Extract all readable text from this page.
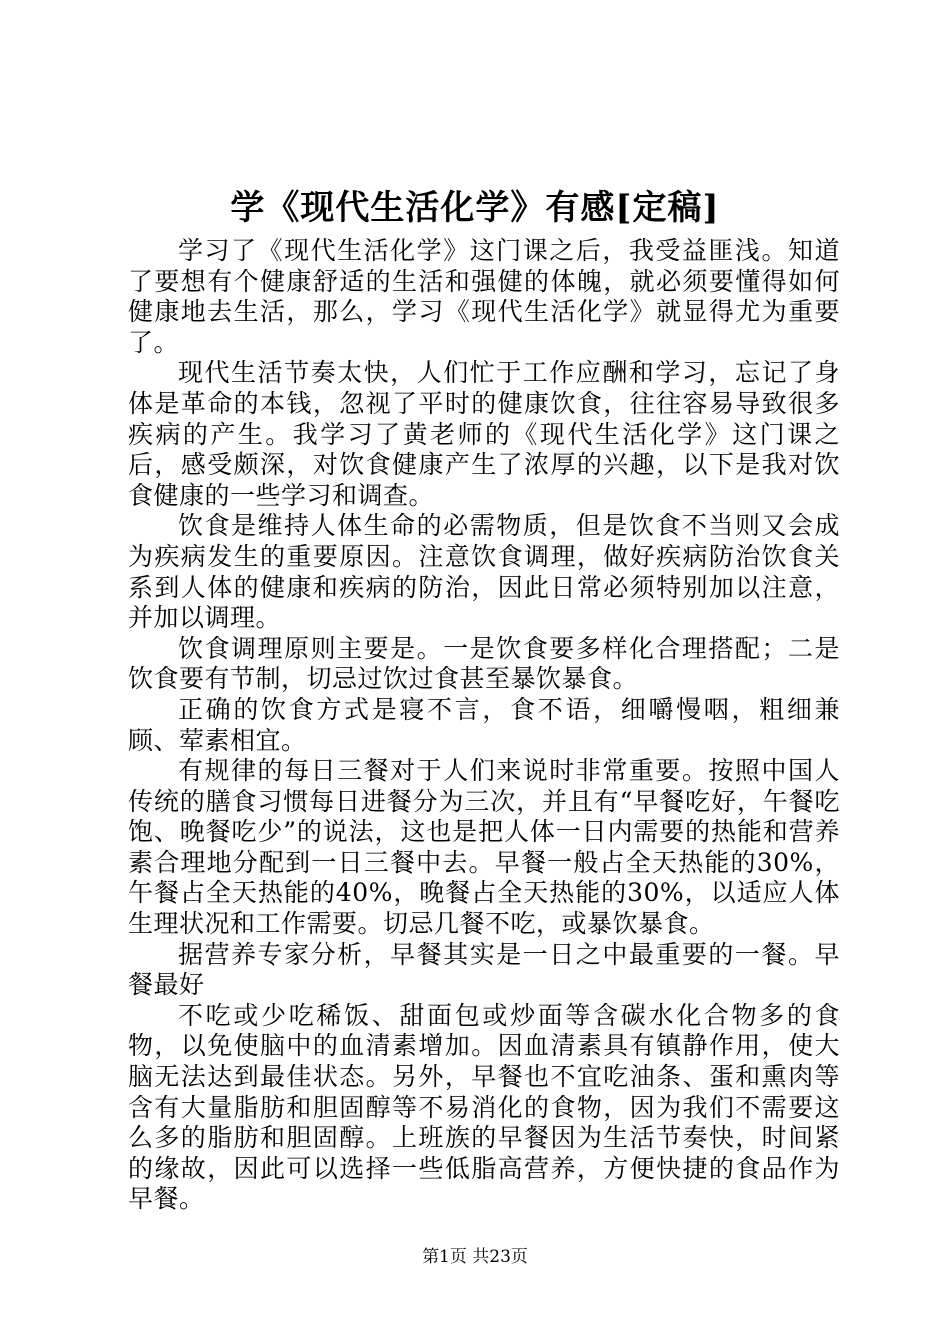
学《现代生活化学》有感[定稿]

学习了《现代生活化学》这门课之后，我受益匪浅。知道了要想有个健康舒适的生活和强健的体魄，就必须要懂得如何健康地去生活，那么，学习《现代生活化学》就显得尤为重要了。

现代生活节奏太快，人们忙于工作应酬和学习，忘记了身体是革命的本钱，忽视了平时的健康饮食，往往容易导致很多疾病的产生。我学习了黄老师的《现代生活化学》这门课之后，感受颇深，对饮食健康产生了浓厚的兴趣，以下是我对饮食健康的一些学习和调查。

饮食是维持人体生命的必需物质，但是饮食不当则又会成为疾病发生的重要原因。注意饮食调理，做好疾病防治饮食关系到人体的健康和疾病的防治，因此日常必须特别加以注意，并加以调理。

饮食调理原则主要是。一是饮食要多样化合理搭配；二是饮食要有节制，切忌过饮过食甚至暴饮暴食。

正确的饮食方式是寝不言，食不语，细嚼慢咽，粗细兼顾、荤素相宜。

有规律的每日三餐对于人们来说时非常重要。按照中国人传统的膳食习惯每日进餐分为三次，并且有“早餐吃好，午餐吃饱、晚餐吃少”的说法，这也是把人体一日内需要的热能和营养素合理地分配到一日三餐中去。早餐一般占全天热能的30%，午餐占全天热能的40%，晚餐占全天热能的30%，以适应人体生理状况和工作需要。切忌几餐不吃，或暴饮暴食。

据营养专家分析，早餐其实是一日之中最重要的一餐。早餐最好

不吃或少吃稀饭、甜面包或炒面等含碳水化合物多的食物，以免使脑中的血清素增加。因血清素具有镇静作用，使大脑无法达到最佳状态。另外，早餐也不宜吃油条、蛋和熏肉等含有大量脂肪和胆固醇等不易消化的食物，因为我们不需要这么多的脂肪和胆固醇。上班族的早餐因为生活节奏快，时间紧的缘故，因此可以选择一些低脂高营养，方便快捷的食品作为早餐。

第1页 共23页
